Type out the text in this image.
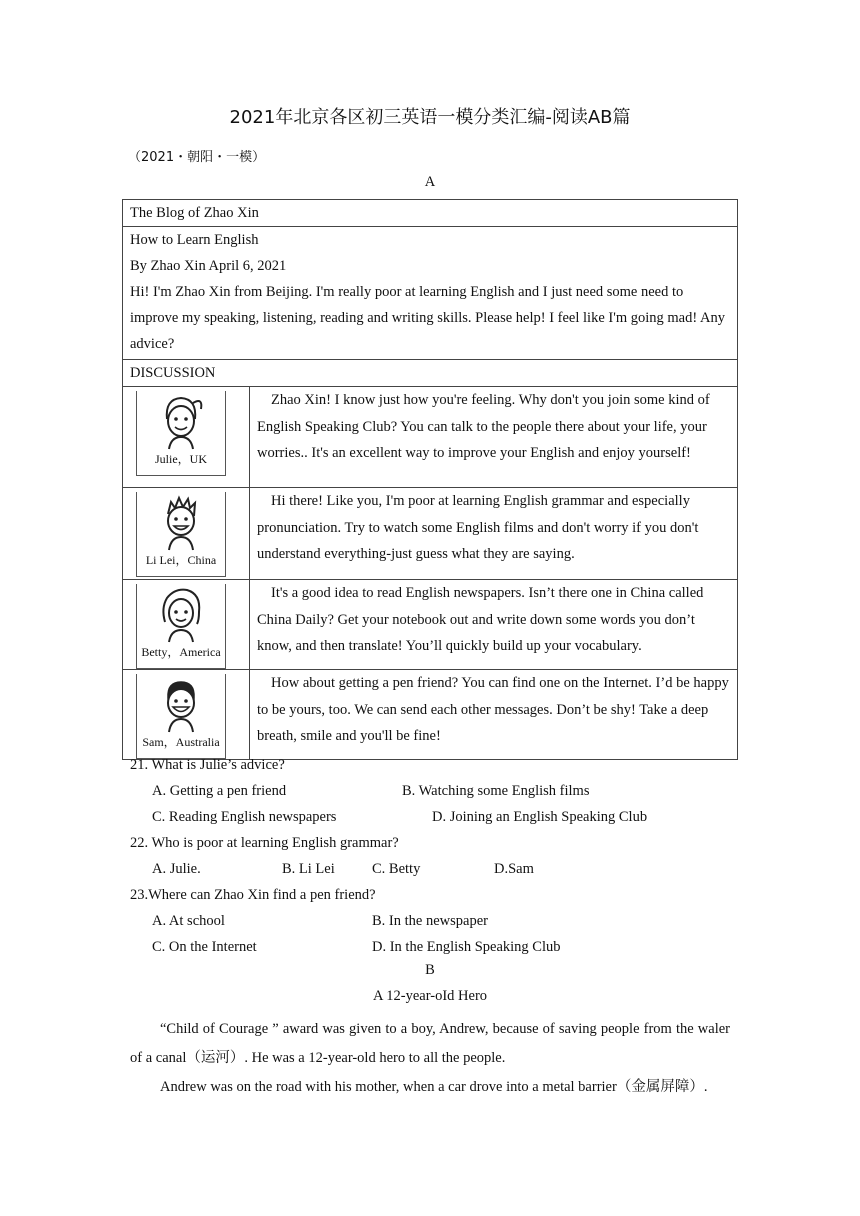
2021年北京各区初三英语一模分类汇编-阅读AB篇
（2021・朝阳・一模）
A
The Blog of Zhao Xin	

How to Learn English

By Zhao Xin April 6, 2021

Hi! I'm Zhao Xin from Beijing. I'm really poor at learning English and I just need some need to improve my speaking, listening, reading and writing skills. Please help! I feel like I'm going mad! Any advice?	

DISCUSSION	

Julie，UK	Zhao Xin! I know just how you're feeling. Why don't you join some kind of English Speaking Club? You can talk to the people there about your life, your worries.. It's an excellent way to improve your English and enjoy yourself!

Li Lei，China	Hi there! Like you, I'm poor at learning English grammar and especially pronunciation. Try to watch some English films and don't worry if you don't understand everything-just guess what they are saying.

Betty，America	It's a good idea to read English newspapers. Isn’t there one in China called China Daily? Get your notebook out and write down some words you don’t know, and then translate! You’ll quickly build up your vocabulary.

Sam，Australia	How about getting a pen friend? You can find one on the Internet. I’d be happy to be yours, too. We can send each other messages. Don’t be shy! Take a deep breath, smile and you'll be fine!

21. What is Julie’s advice?

A. Getting a pen friend	B. Watching some English films
C. Reading English newspapers	D. Joining an English Speaking Club

22. Who is poor at learning English grammar?

A. Julie.	B. Li Lei	C. Betty	D.Sam

23.Where can Zhao Xin find a pen friend?

A. At school	B. In the newspaper
C. On the Internet	D. In the English Speaking Club
B
A 12-year-oId Hero

“Child of Courage ” award was given to a boy, Andrew, because of saving people from the waler of a canal（运河）. He was a 12-year-old hero to all the people.

Andrew was on the road with his mother, when a car drove into a metal barrier（金属屏障）.
